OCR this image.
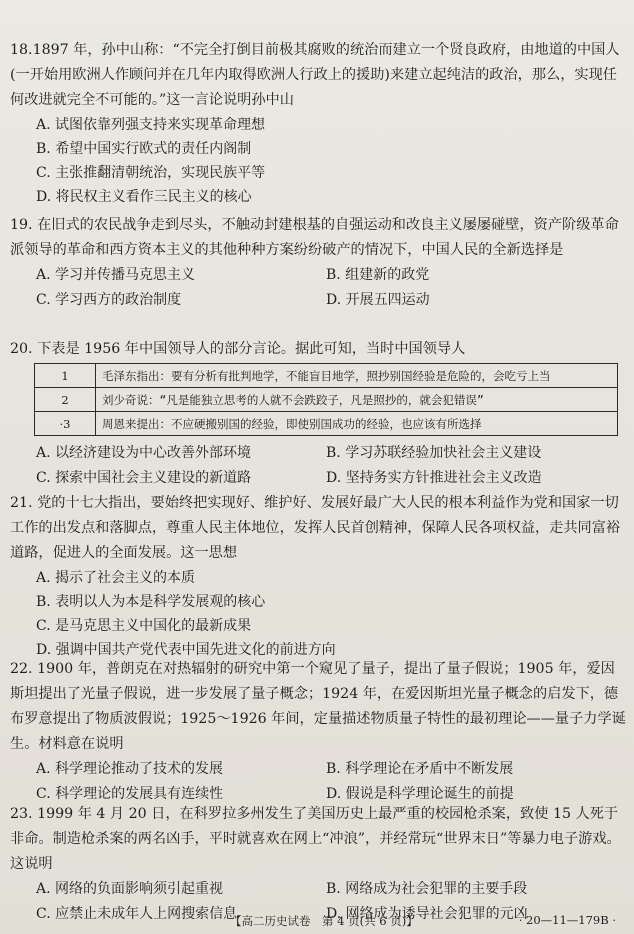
18.1897 年，孙中山称：“不完全打倒目前极其腐败的统治而建立一个贤良政府，由地道的中国人(一开始用欧洲人作顾问并在几年内取得欧洲人行政上的援助)来建立起纯洁的政治，那么，实现任何改进就完全不可能的。”这一言论说明孙中山

A. 试图依靠列强支持来实现革命理想

B. 希望中国实行欧式的责任内阁制

C. 主张推翻清朝统治，实现民族平等

D. 将民权主义看作三民主义的核心

19. 在旧式的农民战争走到尽头，不触动封建根基的自强运动和改良主义屡屡碰壁，资产阶级革命派领导的革命和西方资本主义的其他种种方案纷纷破产的情况下，中国人民的全新选择是

A. 学习并传播马克思主义	B. 组建新的政党
C. 学习西方的政治制度	D. 开展五四运动

20. 下表是 1956 年中国领导人的部分言论。据此可知，当时中国领导人

1	毛泽东指出：要有分析有批判地学，不能盲目地学，照抄别国经验是危险的，会吃亏上当
2	刘少奇说：“凡是能独立思考的人就不会跌跤子，凡是照抄的，就会犯错误”
·3	周恩来提出：不应硬搬别国的经验，即使别国成功的经验，也应该有所选择
A. 以经济建设为中心改善外部环境	B. 学习苏联经验加快社会主义建设
C. 探索中国社会主义建设的新道路	D. 坚持务实方针推进社会主义改造

21. 党的十七大指出，要始终把实现好、维护好、发展好最广大人民的根本利益作为党和国家一切工作的出发点和落脚点，尊重人民主体地位，发挥人民首创精神，保障人民各项权益，走共同富裕道路，促进人的全面发展。这一思想

A. 揭示了社会主义的本质

B. 表明以人为本是科学发展观的核心

C. 是马克思主义中国化的最新成果

D. 强调中国共产党代表中国先进文化的前进方向

22. 1900 年，普朗克在对热辐射的研究中第一个窥见了量子，提出了量子假说；1905 年，爱因斯坦提出了光量子假说，进一步发展了量子概念；1924 年，在爱因斯坦光量子概念的启发下，德布罗意提出了物质波假说；1925～1926 年间，定量描述物质量子特性的最初理论——量子力学诞生。材料意在说明

A. 科学理论推动了技术的发展	B. 科学理论在矛盾中不断发展
C. 科学理论的发展具有连续性	D. 假说是科学理论诞生的前提

23. 1999 年 4 月 20 日，在科罗拉多州发生了美国历史上最严重的校园枪杀案，致使 15 人死于非命。制造枪杀案的两名凶手，平时就喜欢在网上“冲浪”，并经常玩“世界末日”等暴力电子游戏。这说明

A. 网络的负面影响须引起重视	B. 网络成为社会犯罪的主要手段
C. 应禁止未成年人上网搜索信息	D. 网络成为诱导社会犯罪的元凶
【高二历史试卷　第 4 页(共 6 页)】	· 20—11—179B ·
